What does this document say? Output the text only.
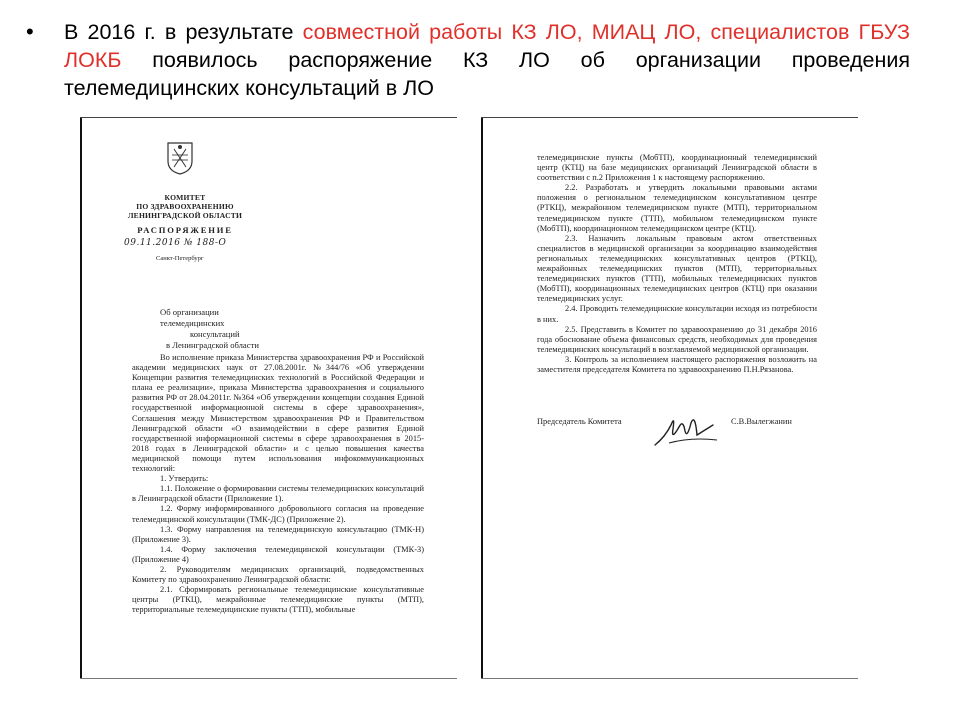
• В 2016 г. в результате совместной работы КЗ ЛО, МИАЦ ЛО, специалистов ГБУЗ ЛОКБ появилось распоряжение КЗ ЛО об организации проведения телемедицинских консультаций в ЛО
КОМИТЕТ
ПО ЗДРАВООХРАНЕНИЮ
ЛЕНИНГРАДСКОЙ ОБЛАСТИ
РАСПОРЯЖЕНИЕ
09.11.2016 № 188-О
Санкт-Петербург
Об организации телемедицинских
консультаций
в Ленинградской области

Во исполнение приказа Министерства здравоохранения РФ и Российской академии медицинских наук от 27.08.2001г. №344/76 «Об утверждении Концепции развития телемедицинских технологий в Российской Федерации и плана ее реализации», приказа Министерства здравоохранения и социального развития РФ от 28.04.2011г. №364 «Об утверждении концепции создания Единой государственной информационной системы в сфере здравоохранения», Соглашения между Министерством здравоохранения РФ и Правительством Ленинградской области «О взаимодействии в сфере развития Единой государственной информационной системы в сфере здравоохранения в 2015-2018 годах в Ленинградской области» и с целью повышения качества медицинской помощи путем использования инфокоммуникационных технологий:

1. Утвердить:

1.1. Положение о формировании системы телемедицинских консультаций в Ленинградской области (Приложение 1).

1.2. Форму информированного добровольного согласия на проведение телемедицинской консультации (ТМК-ДС) (Приложение 2).

1.3. Форму направления на телемедицинскую консультацию (ТМК-Н) (Приложение 3).

1.4. Форму заключения телемедицинской консультации (ТМК-З) (Приложение 4)

2. Руководителям медицинских организаций, подведомственных Комитету по здравоохранению Ленинградской области:

2.1. Сформировать региональные телемедицинские консультативные центры (РТКЦ), межрайонные телемедицинские пункты (МТП), территориальные телемедицинские пункты (ТТП), мобильные

телемедицинские пункты (МобТП), координационный телемедицинский центр (КТЦ) на базе медицинских организаций Ленинградской области в соответствии с п.2 Приложения 1 к настоящему распоряжению.

2.2. Разработать и утвердить локальными правовыми актами положения о региональном телемедицинском консультативном центре (РТКЦ), межрайонном телемедицинском пункте (МТП), территориальном телемедицинском пункте (ТТП), мобильном телемедицинском пункте (МобТП), координационном телемедицинском центре (КТЦ).

2.3. Назначить локальным правовым актом ответственных специалистов в медицинской организации за координацию взаимодействия региональных телемедицинских консультативных центров (РТКЦ), межрайонных телемедицинских пунктов (МТП), территориальных телемедицинских пунктов (ТТП), мобильных телемедицинских пунктов (МобТП), координационных телемедицинских центров (КТЦ) при оказании телемедицинских услуг.

2.4. Проводить телемедицинские консультации исходя из потребности в них.

2.5. Представить в Комитет по здравоохранению до 31 декабря 2016 года обоснование объема финансовых средств, необходимых для проведения телемедицинских консультаций в возглавляемой медицинской организации.

3. Контроль за исполнением настоящего распоряжения возложить на заместителя председателя Комитета по здравоохранению П.Н.Рязанова.

Председатель Комитета	С.В.Вылегжанин
